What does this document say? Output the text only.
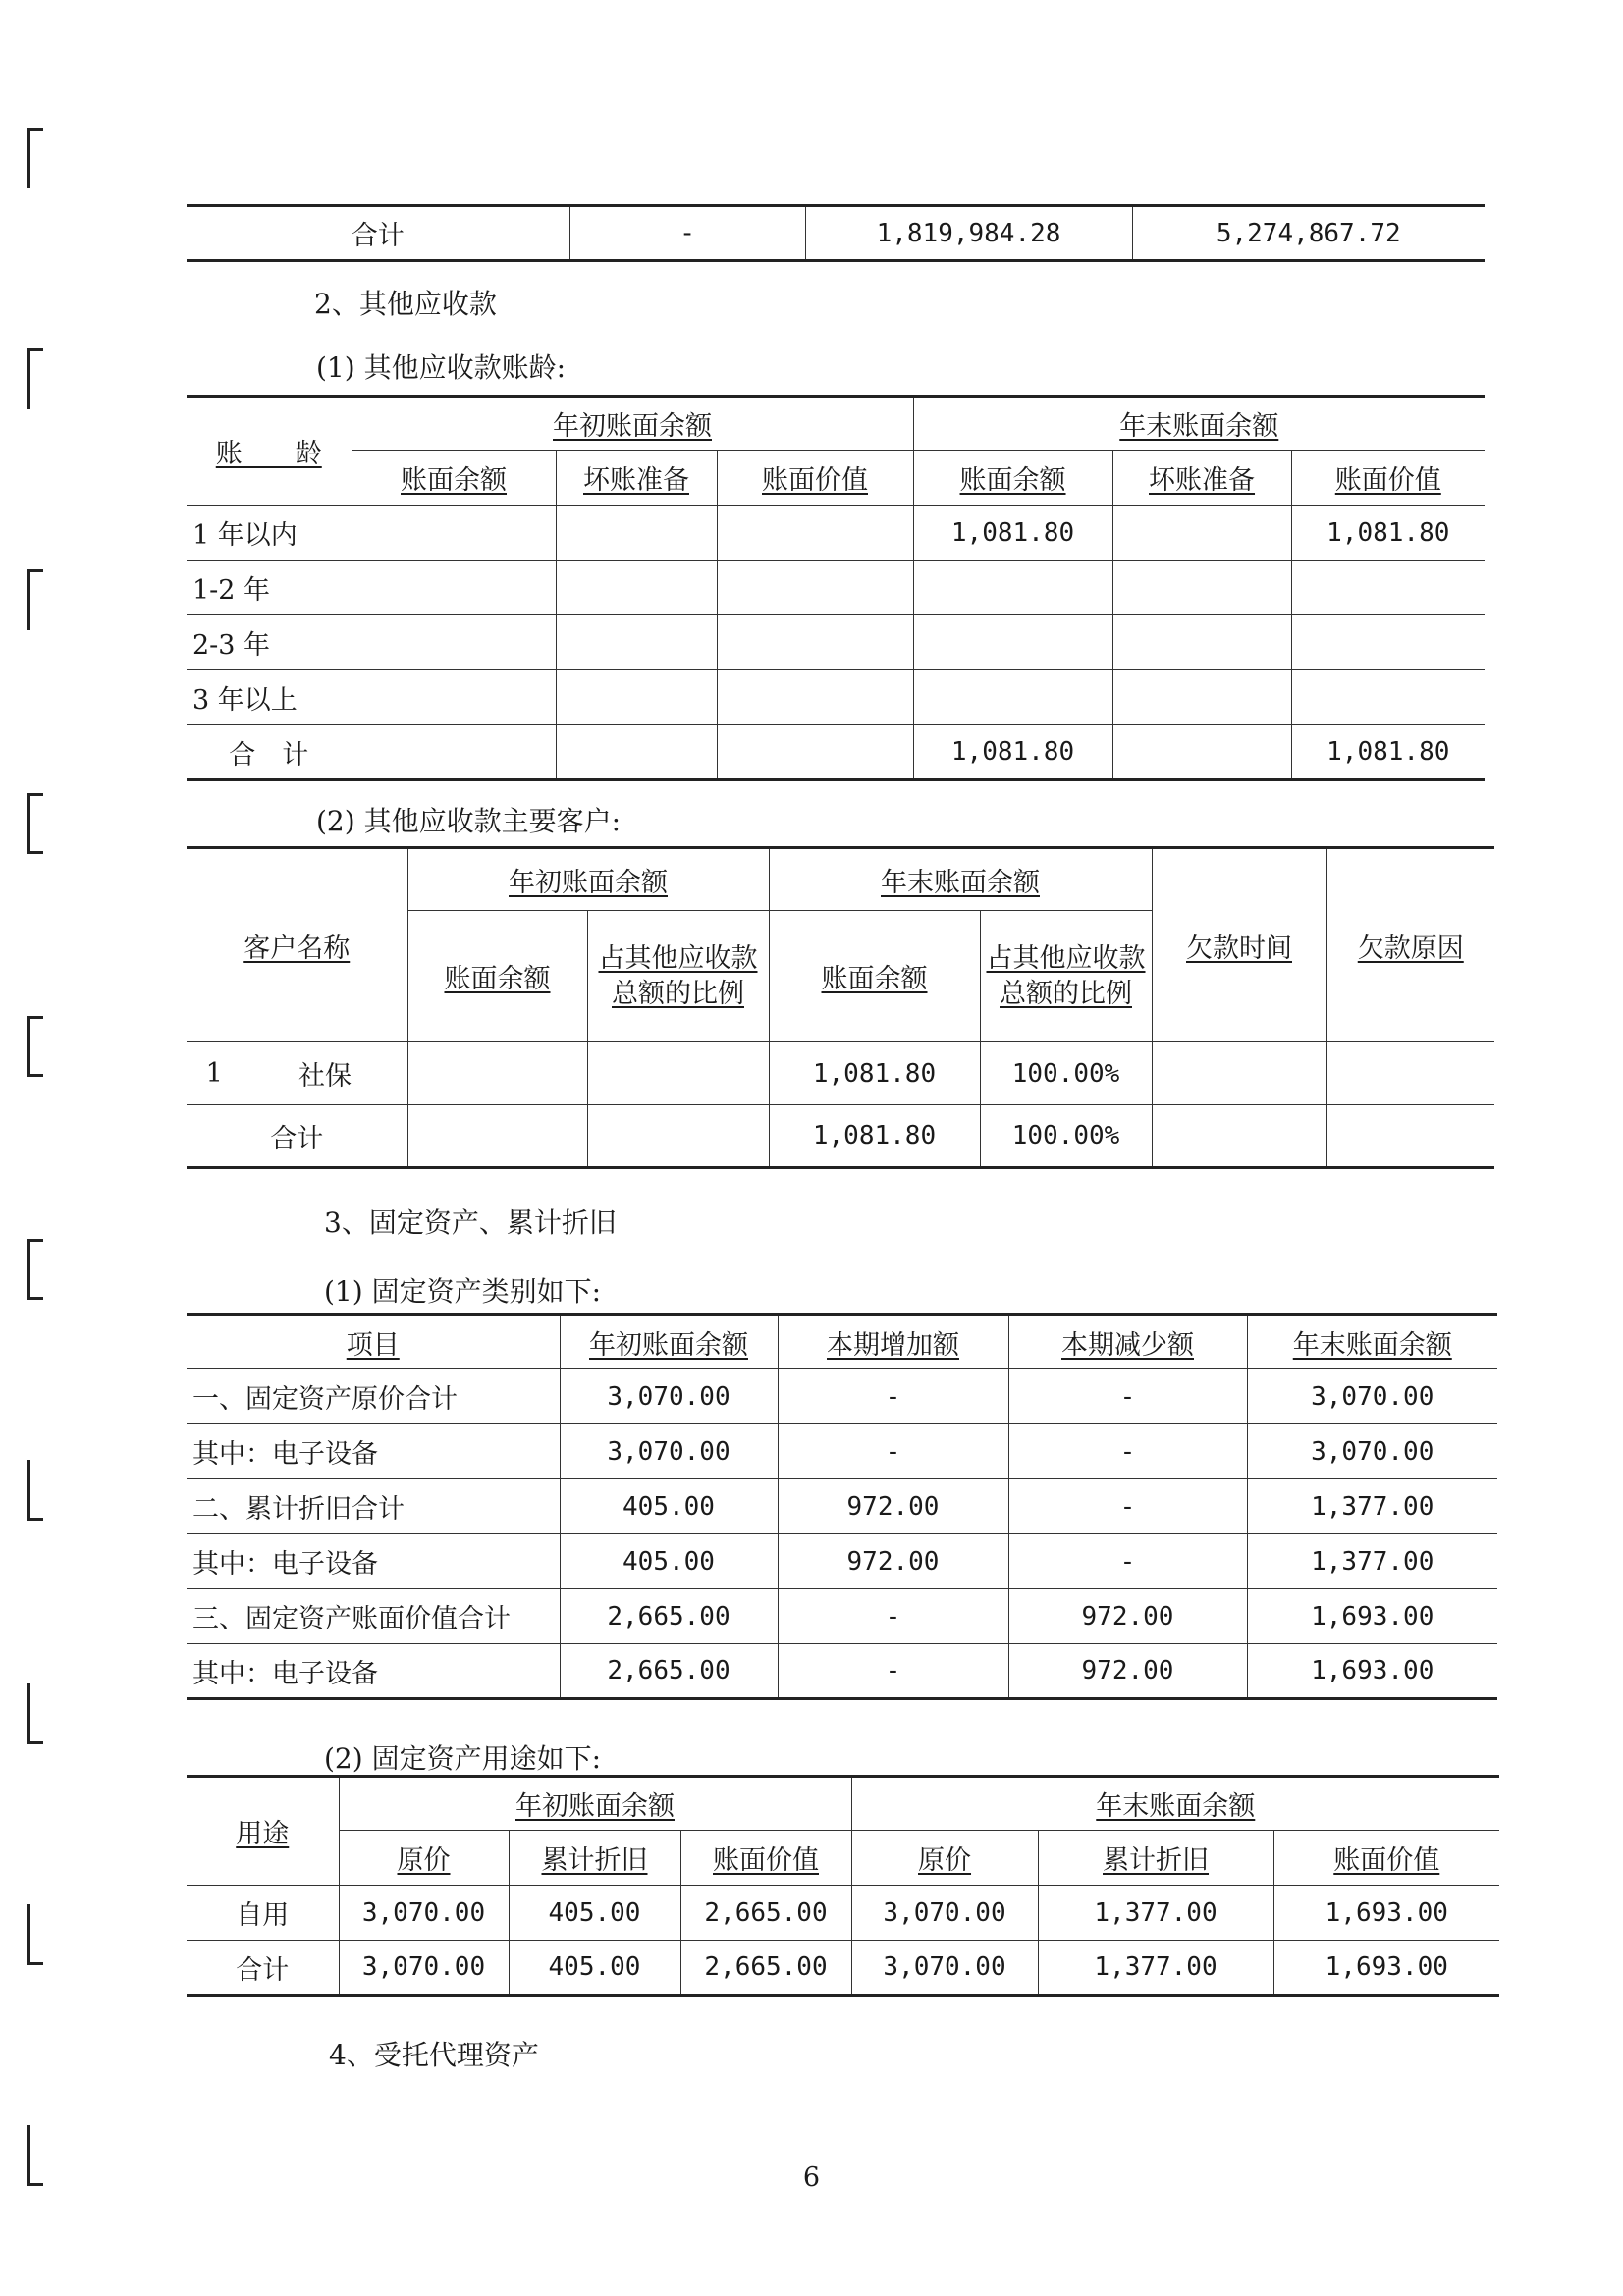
合计	-	1,819,984.28	5,274,867.72
2、其他应收款
(1) 其他应收款账龄:
账　　龄	年初账面余额			年末账面余额		
	账面余额	坏账准备	账面价值	账面余额	坏账准备	账面价值
1 年以内				1,081.80		1,081.80
1-2 年						
2-3 年						
3 年以上						
合　计				1,081.80		1,081.80
(2) 其他应收款主要客户:
客户名称		年初账面余额		年末账面余额		欠款时间	欠款原因
		账面余额	占其他应收款总额的比例	账面余额	占其他应收款总额的比例		
1	社保			1,081.80	100.00%		
合计				1,081.80	100.00%		
3、固定资产、累计折旧
(1) 固定资产类别如下:
项目	年初账面余额	本期增加额	本期减少额	年末账面余额
一、固定资产原价合计	3,070.00	-	-	3,070.00
其中：电子设备	3,070.00	-	-	3,070.00
二、累计折旧合计	405.00	972.00	-	1,377.00
其中：电子设备	405.00	972.00	-	1,377.00
三、固定资产账面价值合计	2,665.00	-	972.00	1,693.00
其中：电子设备	2,665.00	-	972.00	1,693.00
(2) 固定资产用途如下:
用途	年初账面余额			年末账面余额		
	原价	累计折旧	账面价值	原价	累计折旧	账面价值
自用	3,070.00	405.00	2,665.00	3,070.00	1,377.00	1,693.00
合计	3,070.00	405.00	2,665.00	3,070.00	1,377.00	1,693.00
4、受托代理资产
6
